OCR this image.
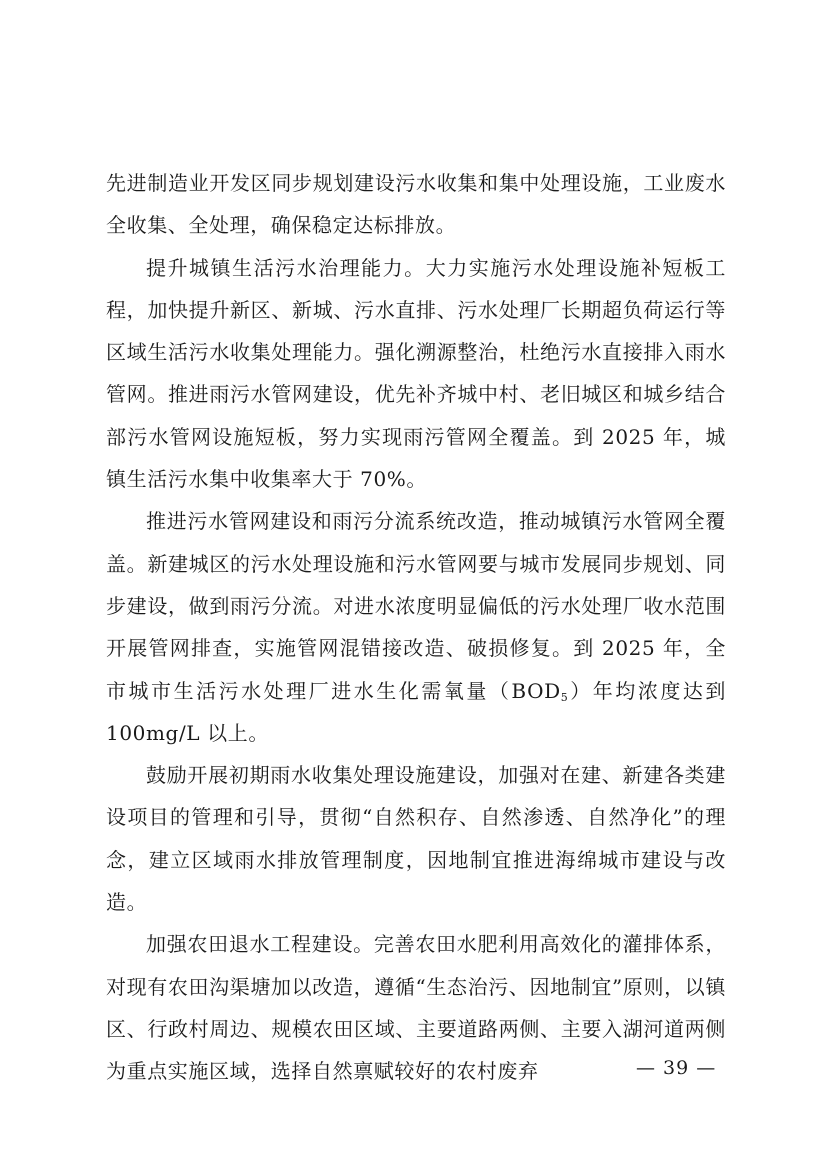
先进制造业开发区同步规划建设污水收集和集中处理设施，工业废水全收集、全处理，确保稳定达标排放。

提升城镇生活污水治理能力。大力实施污水处理设施补短板工程，加快提升新区、新城、污水直排、污水处理厂长期超负荷运行等区域生活污水收集处理能力。强化溯源整治，杜绝污水直接排入雨水管网。推进雨污水管网建设，优先补齐城中村、老旧城区和城乡结合部污水管网设施短板，努力实现雨污管网全覆盖。到 2025 年，城镇生活污水集中收集率大于 70%。

推进污水管网建设和雨污分流系统改造，推动城镇污水管网全覆盖。新建城区的污水处理设施和污水管网要与城市发展同步规划、同步建设，做到雨污分流。对进水浓度明显偏低的污水处理厂收水范围开展管网排查，实施管网混错接改造、破损修复。到 2025 年，全市城市生活污水处理厂进水生化需氧量$(BOD_5)$年均浓度达到 100mg/L 以上。

鼓励开展初期雨水收集处理设施建设，加强对在建、新建各类建设项目的管理和引导，贯彻“自然积存、自然渗透、自然净化”的理念，建立区域雨水排放管理制度，因地制宜推进海绵城市建设与改造。

加强农田退水工程建设。完善农田水肥利用高效化的灌排体系，对现有农田沟渠塘加以改造，遵循“生态治污、因地制宜”原则，以镇区、行政村周边、规模农田区域、主要道路两侧、主要入湖河道两侧为重点实施区域，选择自然禀赋较好的农村废弃	— 39 —
